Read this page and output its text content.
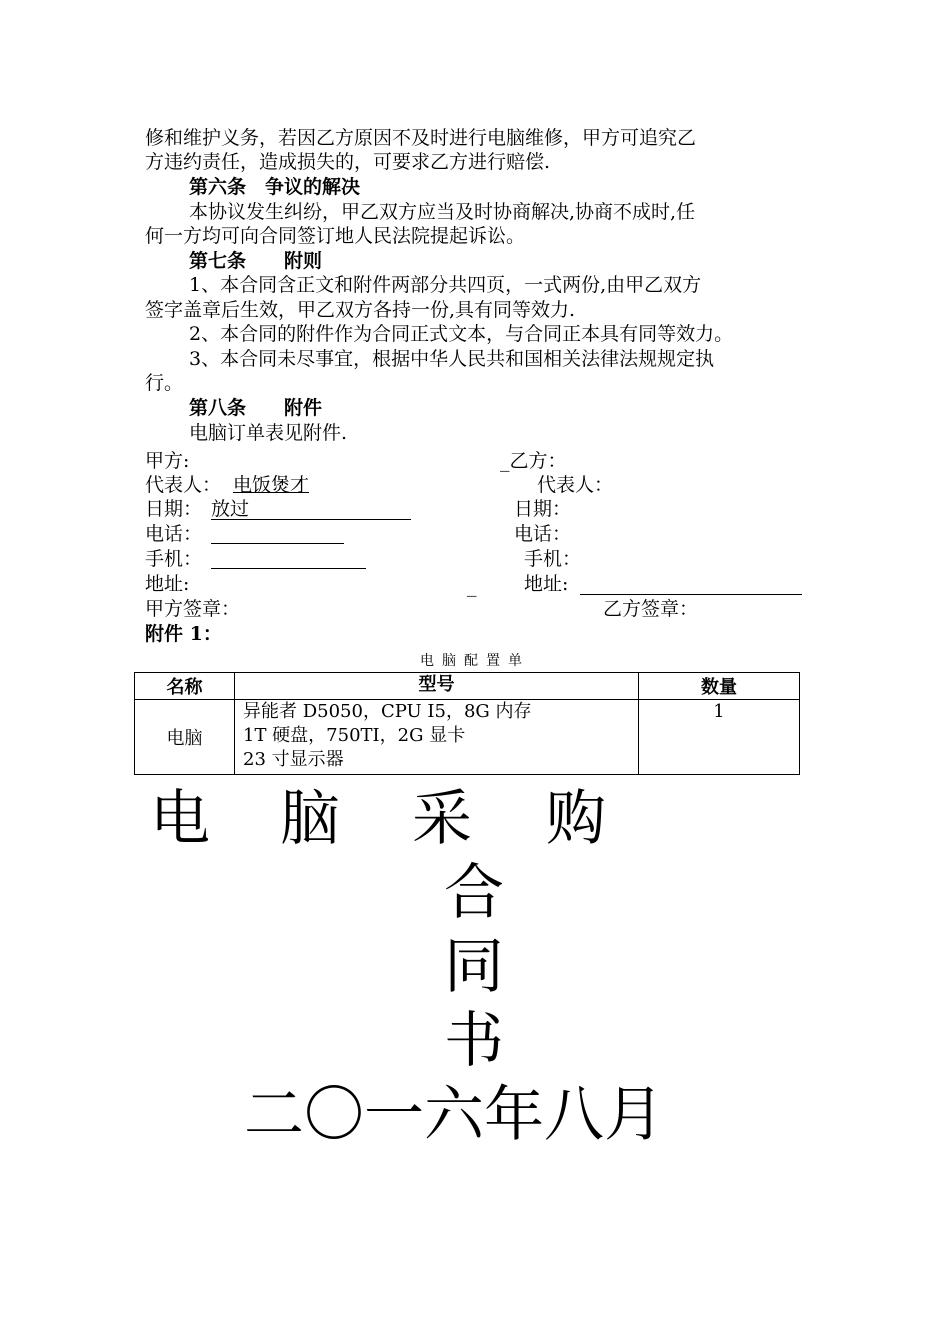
修和维护义务，若因乙方原因不及时进行电脑维修，甲方可追究乙
方违约责任，造成损失的，可要求乙方进行赔偿.
第六条　争议的解决
本协议发生纠纷，甲乙双方应当及时协商解决,协商不成时,任
何一方均可向合同签订地人民法院提起诉讼。
第七条　　附则
1、本合同含正文和附件两部分共四页，一式两份,由甲乙双方
签字盖章后生效，甲乙双方各持一份,具有同等效力.
2、本合同的附件作为合同正式文本，与合同正本具有同等效力。
3、本合同未尽事宜，根据中华人民共和国相关法律法规规定执
行。
第八条　　附件
电脑订单表见附件.
甲方:	_乙方：
代表人： 电饭煲才	代表人：
日期： 放过	日期：
电话：	电话：
手机：	手机：
地址:	_	地址:
甲方签章：	乙方签章：
附件 1：
电脑配置单
名称	型号	数量
电脑	异能者 D5050，CPU I5，8G 内存
1T 硬盘，750TI，2G 显卡
23 寸显示器	1
电 脑 采 购
合
同
书
二〇一六年八月
